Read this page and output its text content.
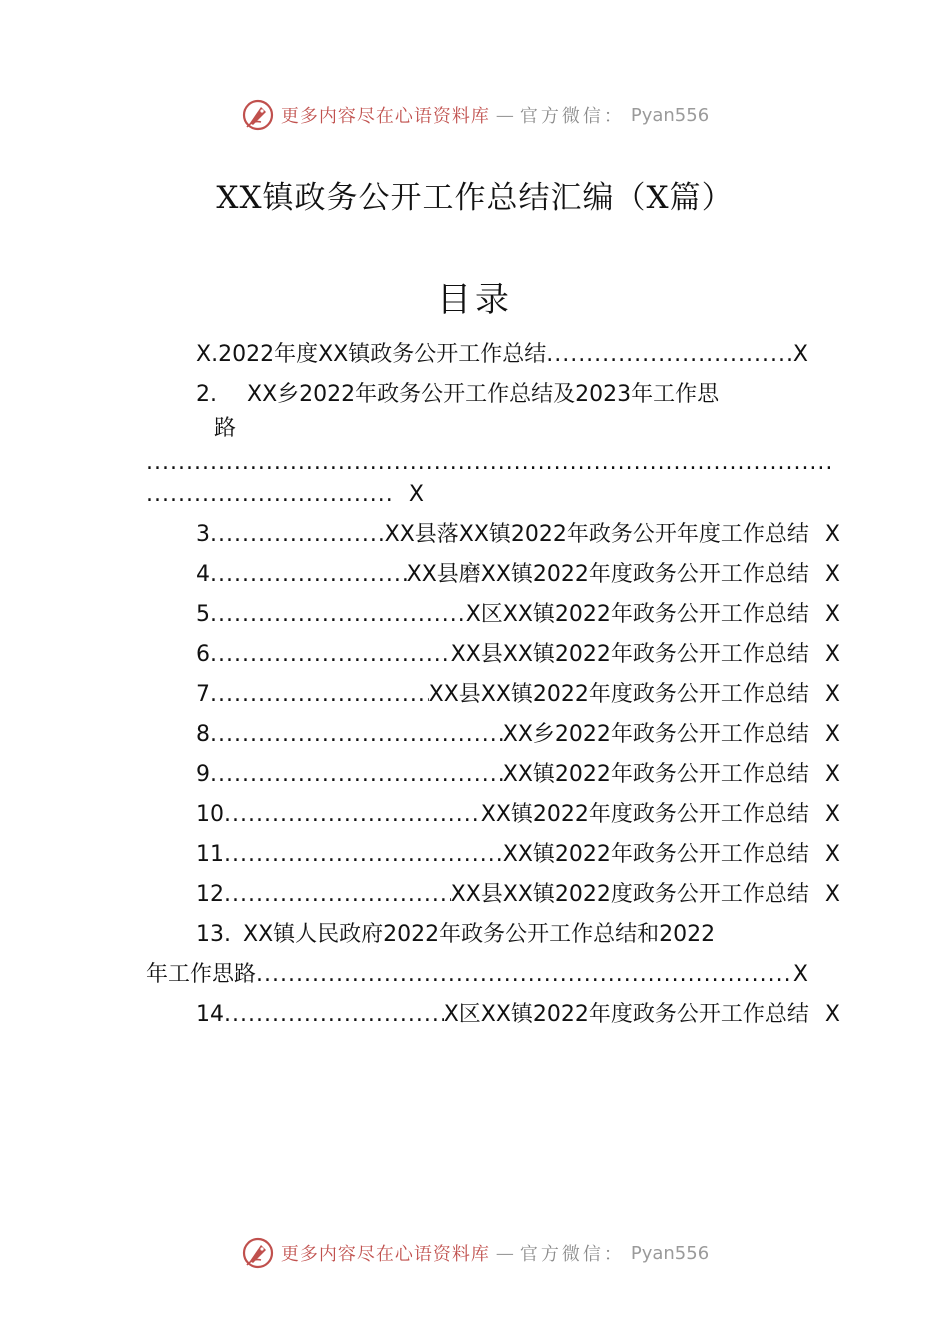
更多内容尽在心语资料库 — 官方微信： Pyan556
XX镇政务公开工作总结汇编（X篇）
目录
X. 2022年度XX镇政务公开工作总结 .....	X
2. XX乡2022年政务公开工作总结及2023年工作思
路
.....
.....
X
3 .....	XX县落XX镇2022年政务公开年度工作总结 X
4 .....	XX县磨XX镇2022年度政务公开工作总结 X
5 .....	X区XX镇2022年政务公开工作总结 X
6 .....	XX县XX镇2022年政务公开工作总结 X
7 .....	XX县XX镇2022年度政务公开工作总结 X
8 .....	XX乡2022年政务公开工作总结 X
9 .....	XX镇2022年政务公开工作总结 X
10 .....	XX镇2022年度政务公开工作总结 X
11 .....	XX镇2022年政务公开工作总结 X
12 .....	XX县XX镇2022度政务公开工作总结 X
13. XX镇人民政府2022年政务公开工作总结和2022
年工作思路 .....	X
14 .....	X区XX镇2022年度政务公开工作总结 X
更多内容尽在心语资料库 — 官方微信： Pyan556
